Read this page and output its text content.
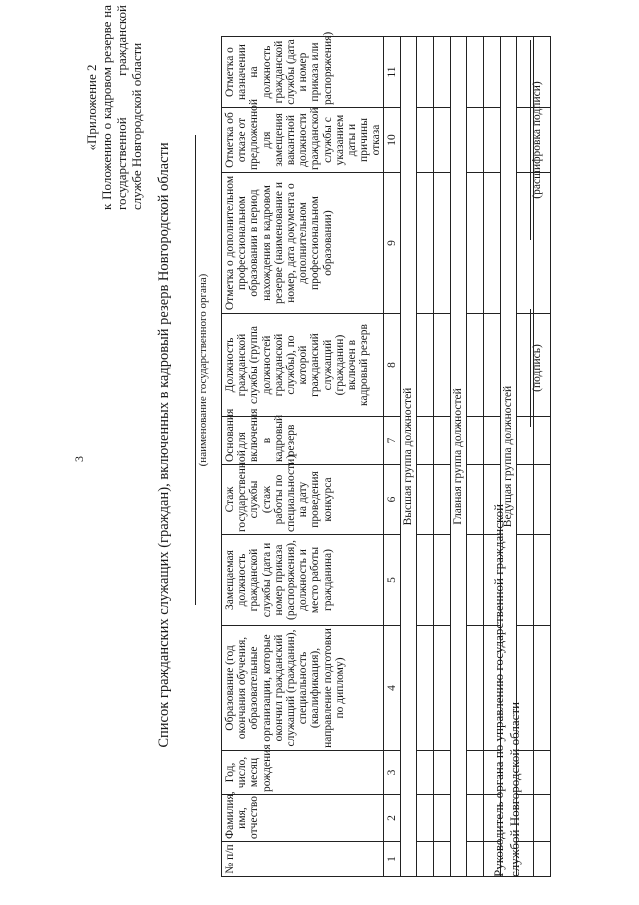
3
«Приложение 2 к Положению о кадровом резерве на государственной гражданской службе Новгородской области
Список гражданских служащих (граждан), включенных в кадровый резерв Новгородской области (наименование государственного органа)
№ п/п	Фамилия, имя, отчество	Год, число, месяц рождения	Образование (год окончания обучения, образовательные организации, которые окончил гражданский служащий (гражданин), специальность (квалификация), направление подготовки по диплому)	Замещаемая должность гражданской службы (дата и номер приказа (распоряжения), должность и место работы гражданина)	Стаж государственной службы (стаж работы по специальности) на дату проведения конкурса	Основания для включения в кадровый резерв	Должность гражданской службы (группа должностей гражданской службы), по которой гражданский служащий (гражданин) включен в кадровый резерв	Отметка о дополнительном профессиональном образовании в период нахождения в кадровом резерве (наименование и номер, дата документа о дополнительном профессиональном образовании)	Отметка об отказе от предложенной для замещения вакантной должности гражданской службы с указанием даты и причины отказа	Отметка о назначении на должность гражданской службы (дата и номер приказа или распоряжения)
1	2	3	4	5	6	7	8	9	10	11
Высшая группа должностей										

Главная группа должностей										

Ведущая группа должностей										

Руководитель органа по управлению государственной гражданской службой Новгородской области
(подпись)
(расшифровка подписи)
